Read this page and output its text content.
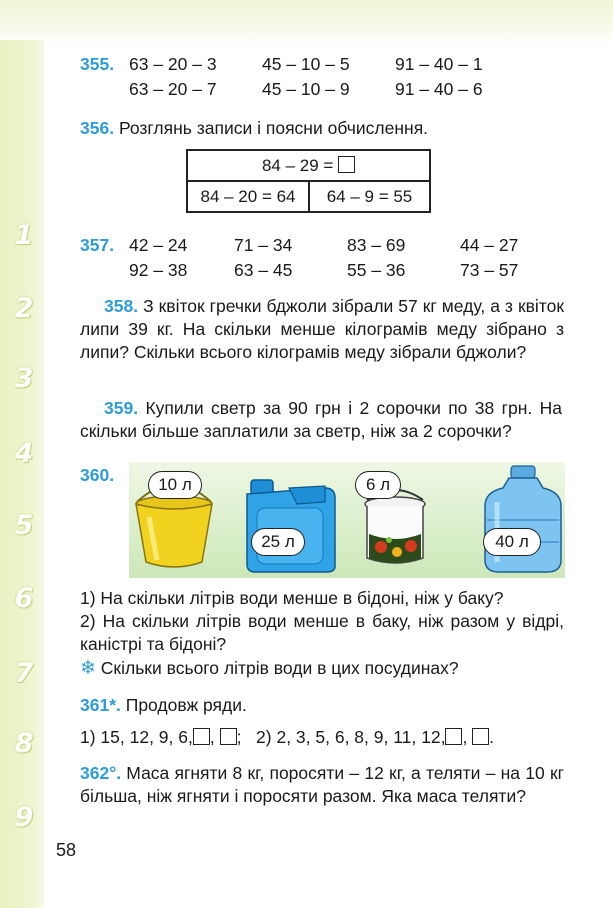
1
2
3
4
5
6
7
8
9
355. 63 – 20 – 3	45 – 10 – 5	91 – 40 – 1
63 – 20 – 7	45 – 10 – 9	91 – 40 – 6
356. Розглянь записи і поясни обчислення.
84 – 29 =
84 – 20 = 64	64 – 9 = 55
357. 42 – 24	71 – 34	83 – 69	44 – 27
92 – 38	63 – 45	55 – 36	73 – 57
358. З квіток гречки бджоли зібрали 57 кг меду, а з квіток липи 39 кг. На скільки менше кілограмів меду зібрано з липи? Скільки всього кілограмів меду зібрали бджоли?
359. Купили светр за 90 грн і 2 сорочки по 38 грн. На скільки більше заплатили за светр, ніж за 2 сорочки?
360.	10 л
25 л
6 л
40 л
1) На скільки літрів води менше в бідоні, ніж у баку?
2) На скільки літрів води менше в баку, ніж разом у відрі, каністрі та бідоні?
❄ Скільки всього літрів води в цих посудинах?
361*. Продовж ряди.
1) 15, 12, 9, 6, , ;   2) 2, 3, 5, 6, 8, 9, 11, 12, , .
362°. Маса ягняти 8 кг, поросяти – 12 кг, а теляти – на 10 кг більша, ніж ягняти і поросяти разом. Яка маса теляти?
58
